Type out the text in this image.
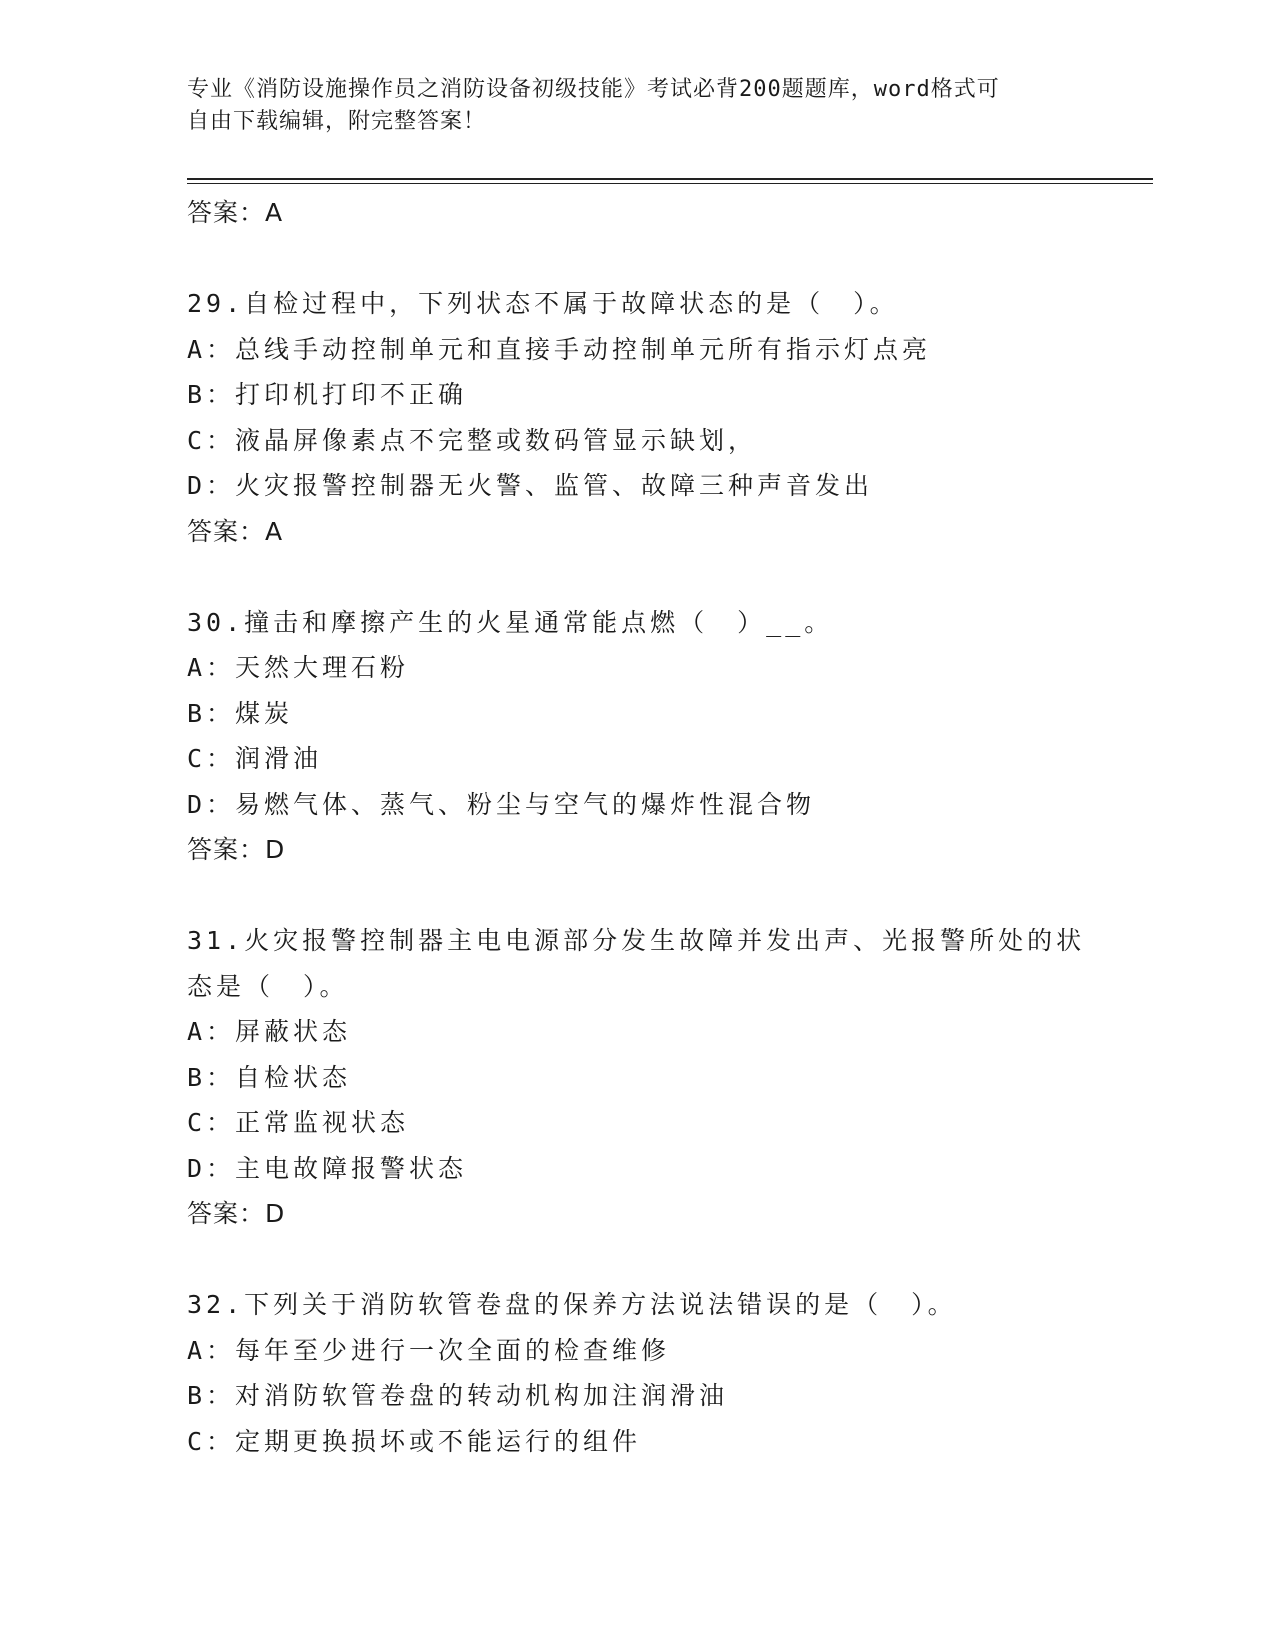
专业《消防设施操作员之消防设备初级技能》考试必背200题题库，word格式可
自由下载编辑，附完整答案！
答案：A
29.自检过程中，下列状态不属于故障状态的是（　）。
A：总线手动控制单元和直接手动控制单元所有指示灯点亮
B：打印机打印不正确
C：液晶屏像素点不完整或数码管显示缺划，
D：火灾报警控制器无火警、监管、故障三种声音发出
答案：A
30.撞击和摩擦产生的火星通常能点燃（　）__。
A：天然大理石粉
B：煤炭
C：润滑油
D：易燃气体、蒸气、粉尘与空气的爆炸性混合物
答案：D
31.火灾报警控制器主电电源部分发生故障并发出声、光报警所处的状
态是（　）。
A：屏蔽状态
B：自检状态
C：正常监视状态
D：主电故障报警状态
答案：D
32.下列关于消防软管卷盘的保养方法说法错误的是（　）。
A：每年至少进行一次全面的检查维修
B：对消防软管卷盘的转动机构加注润滑油
C：定期更换损坏或不能运行的组件
